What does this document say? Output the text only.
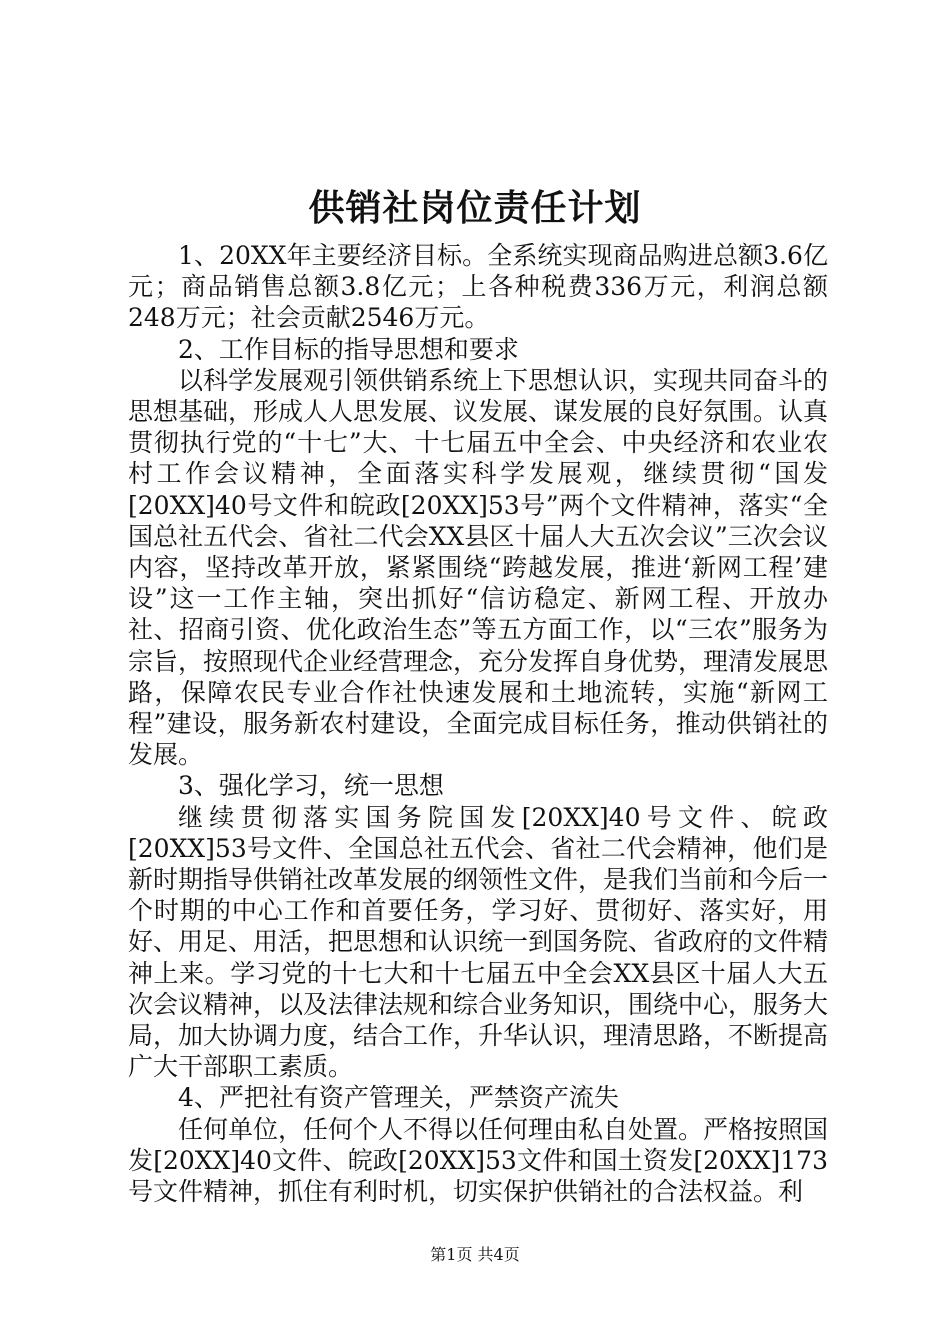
供销社岗位责任计划

1、20XX年主要经济目标。全系统实现商品购进总额3.6亿元；商品销售总额3.8亿元；上各种税费336万元，利润总额248万元；社会贡献2546万元。

2、工作目标的指导思想和要求

以科学发展观引领供销系统上下思想认识，实现共同奋斗的思想基础，形成人人思发展、议发展、谋发展的良好氛围。认真贯彻执行党的“十七”大、十七届五中全会、中央经济和农业农村工作会议精神，全面落实科学发展观，继续贯彻“国发[20XX]40号文件和皖政[20XX]53号”两个文件精神，落实“全国总社五代会、省社二代会XX县区十届人大五次会议”三次会议内容，坚持改革开放，紧紧围绕“跨越发展，推进‘新网工程’建设”这一工作主轴，突出抓好“信访稳定、新网工程、开放办社、招商引资、优化政治生态”等五方面工作，以“三农”服务为宗旨，按照现代企业经营理念，充分发挥自身优势，理清发展思路，保障农民专业合作社快速发展和土地流转，实施“新网工程”建设，服务新农村建设，全面完成目标任务，推动供销社的发展。

3、强化学习，统一思想

继续贯彻落实国务院国发[20XX]40号文件、皖政[20XX]53号文件、全国总社五代会、省社二代会精神，他们是新时期指导供销社改革发展的纲领性文件，是我们当前和今后一个时期的中心工作和首要任务，学习好、贯彻好、落实好，用好、用足、用活，把思想和认识统一到国务院、省政府的文件精神上来。学习党的十七大和十七届五中全会XX县区十届人大五次会议精神，以及法律法规和综合业务知识，围绕中心，服务大局，加大协调力度，结合工作，升华认识，理清思路，不断提高广大干部职工素质。

4、严把社有资产管理关，严禁资产流失

任何单位，任何个人不得以任何理由私自处置。严格按照国发[20XX]40文件、皖政[20XX]53文件和国土资发[20XX]173号文件精神，抓住有利时机，切实保护供销社的合法权益。利

第1页 共4页
